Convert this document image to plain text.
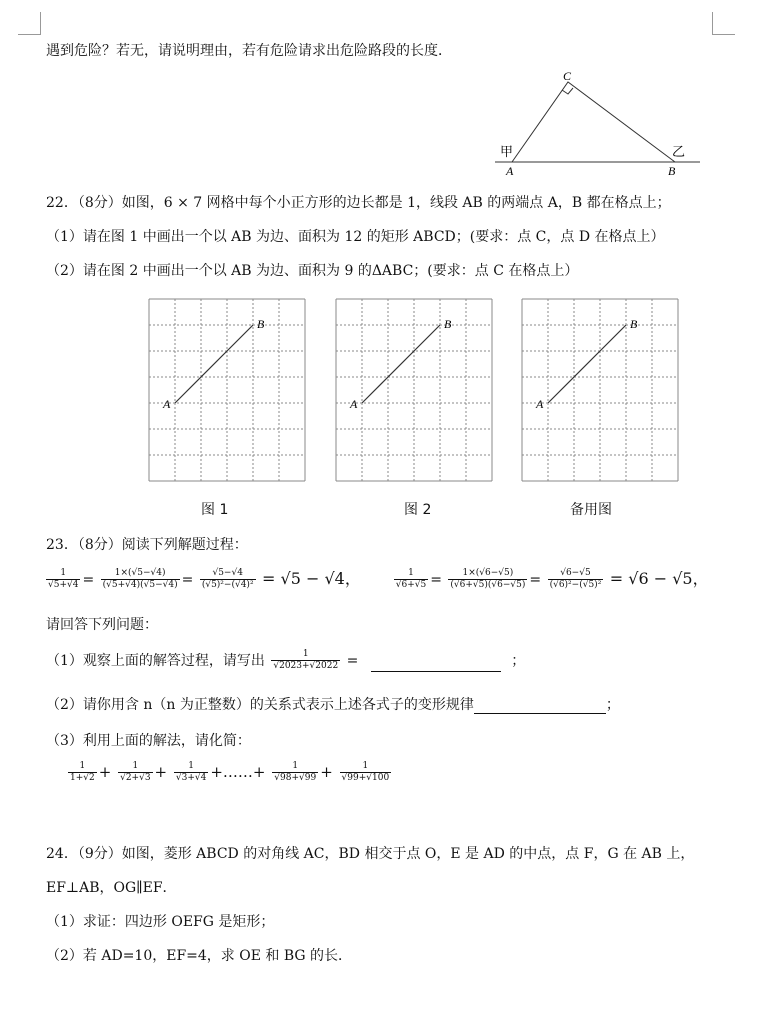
遇到危险？若无，请说明理由，若有危险请求出危险路段的长度．
C
A	B
甲	乙
22．（8分）如图，6 × 7 网格中每个小正方形的边长都是 1，线段 AB 的两端点 A，B 都在格点上；
（1）请在图 1 中画出一个以 AB 为边、面积为 12 的矩形 ABCD；(要求：点 C，点 D 在格点上）
（2）请在图 2 中画出一个以 AB 为边、面积为 9 的ΔABC；(要求：点 C 在格点上）
A
B
A
B
A
B
图 1	图 2	备用图
23．（8分）阅读下列解题过程：
$\frac{1}{√5+√4} = \frac{1\times(√5-√4)}{(√5+√4)(√5-√4)} = \frac{√5-√4}{\text{(√5)²−(√4)²}} = √5 - √4$，	$\frac{1}{√6+√5} = \frac{1\times(√6-√5)}{(√6+√5)(√6-√5)} = \frac{√6-√5}{\text{(√6)²−(√5)²}} = √6 - √5$，
请回答下列问题：
（1）观察上面的解答过程，请写出 $\frac{1}{√2023+√2022}$ =	；
（2）请你用含 n（n 为正整数）的关系式表示上述各式子的变形规律	；
（3）利用上面的解法，请化简：
$\frac{1}{1+√2} + \frac{1}{√2+√3} + \frac{1}{√3+√4}$ +……+ $\frac{1}{√98+√99} + \frac{1}{√99+√100}$
24．（9分）如图，菱形 ABCD 的对角线 AC，BD 相交于点 O，E 是 AD 的中点，点 F，G 在 AB 上，
EF⊥AB，OG∥EF．
（1）求证：四边形 OEFG 是矩形；
（2）若 AD=10，EF=4，求 OE 和 BG 的长．
